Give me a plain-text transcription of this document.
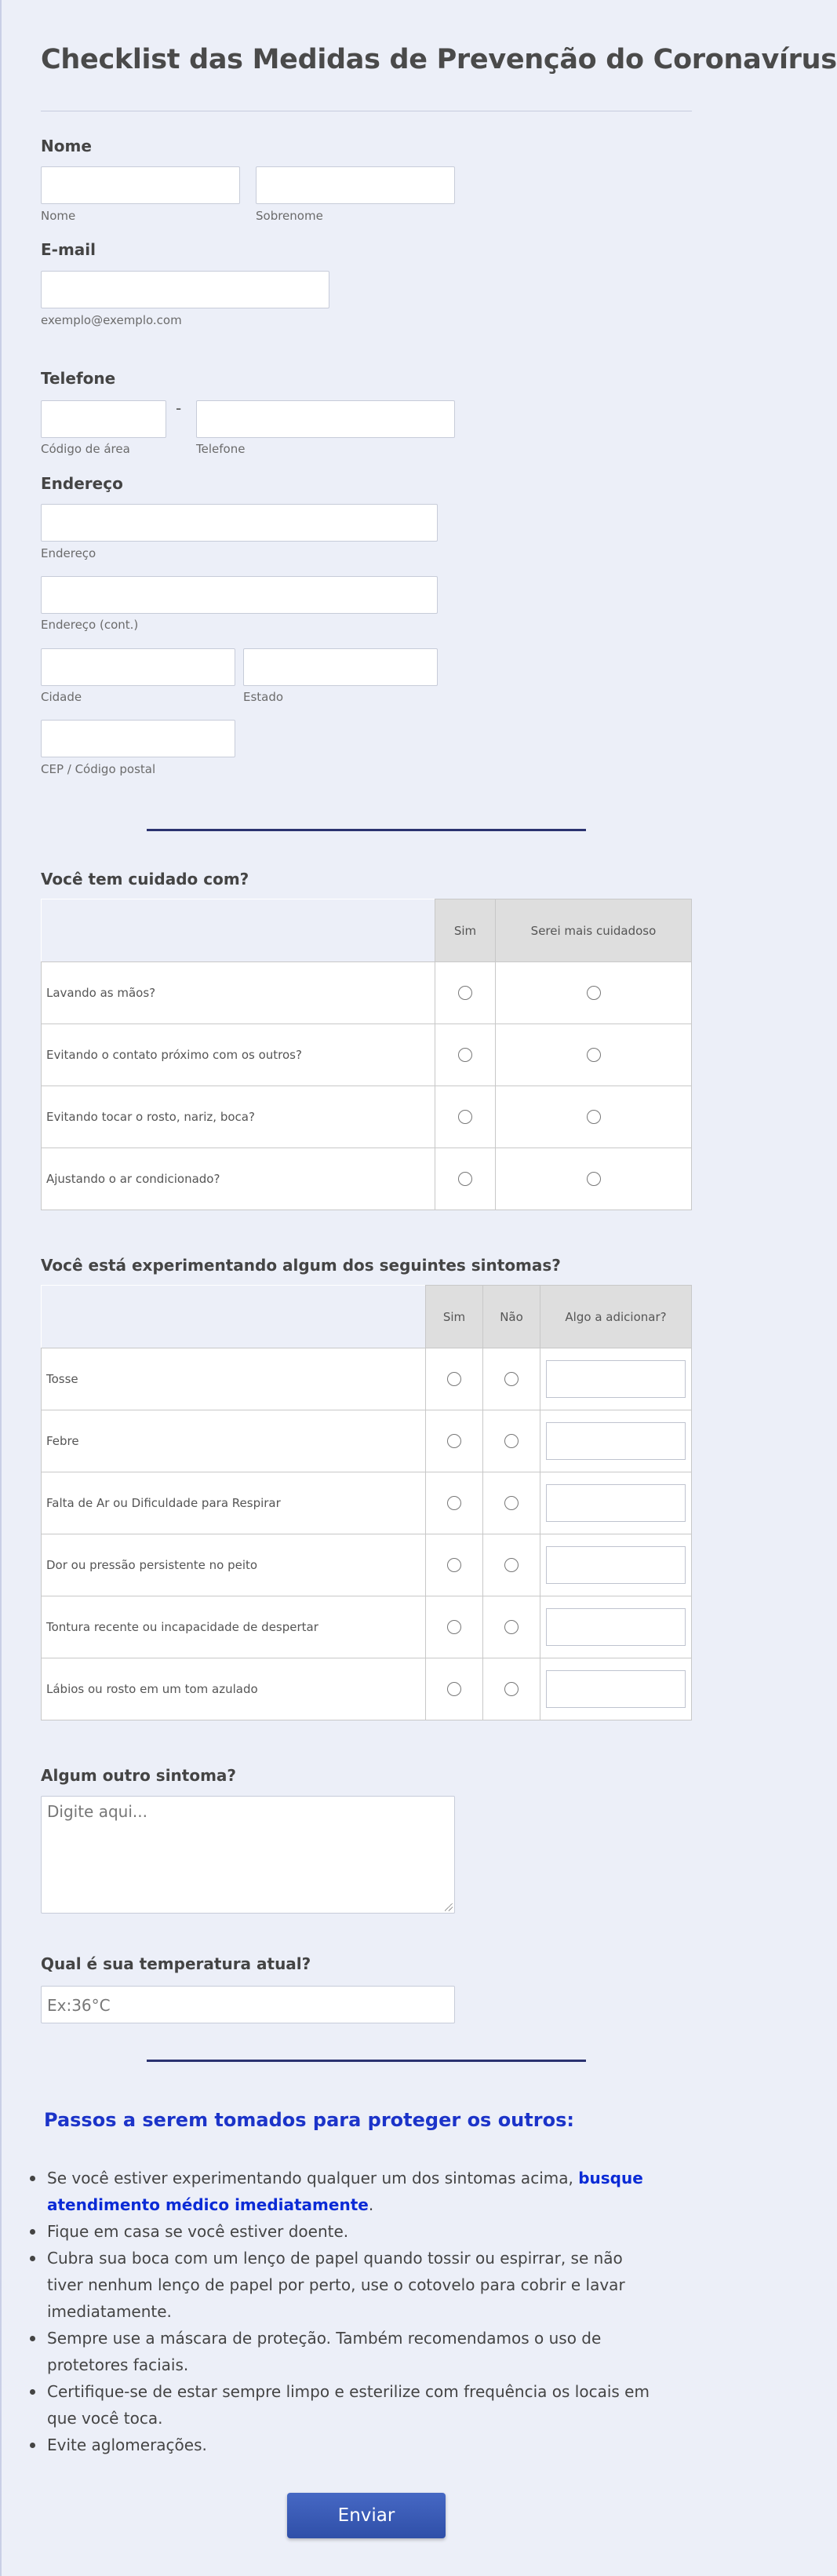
Checklist das Medidas de Prevenção do Coronavírus
Nome
Nome	Sobrenome
E-mail
exemplo@exemplo.com
Telefone
-
Código de área	Telefone
Endereço
Endereço
Endereço (cont.)
Cidade	Estado
CEP / Código postal
Você tem cuidado com?
	Sim	Serei mais cuidadoso
Lavando as mãos?		
Evitando o contato próximo com os outros?		
Evitando tocar o rosto, nariz, boca?		
Ajustando o ar condicionado?		
Você está experimentando algum dos seguintes sintomas?
	Sim	Não	Algo a adicionar?
Tosse			

Febre			

Falta de Ar ou Dificuldade para Respirar			

Dor ou pressão persistente no peito			

Tontura recente ou incapacidade de despertar			

Lábios ou rosto em um tom azulado			
Algum outro sintoma?
Digite aqui...
Qual é sua temperatura atual?
Ex:36°C
Passos a serem tomados para proteger os outros:
Se você estiver experimentando qualquer um dos sintomas acima, busque atendimento médico imediatamente.
Fique em casa se você estiver doente.
Cubra sua boca com um lenço de papel quando tossir ou espirrar, se não tiver nenhum lenço de papel por perto, use o cotovelo para cobrir e lavar imediatamente.
Sempre use a máscara de proteção. Também recomendamos o uso de protetores faciais.
Certifique-se de estar sempre limpo e esterilize com frequência os locais em que você toca.
Evite aglomerações.
Enviar
